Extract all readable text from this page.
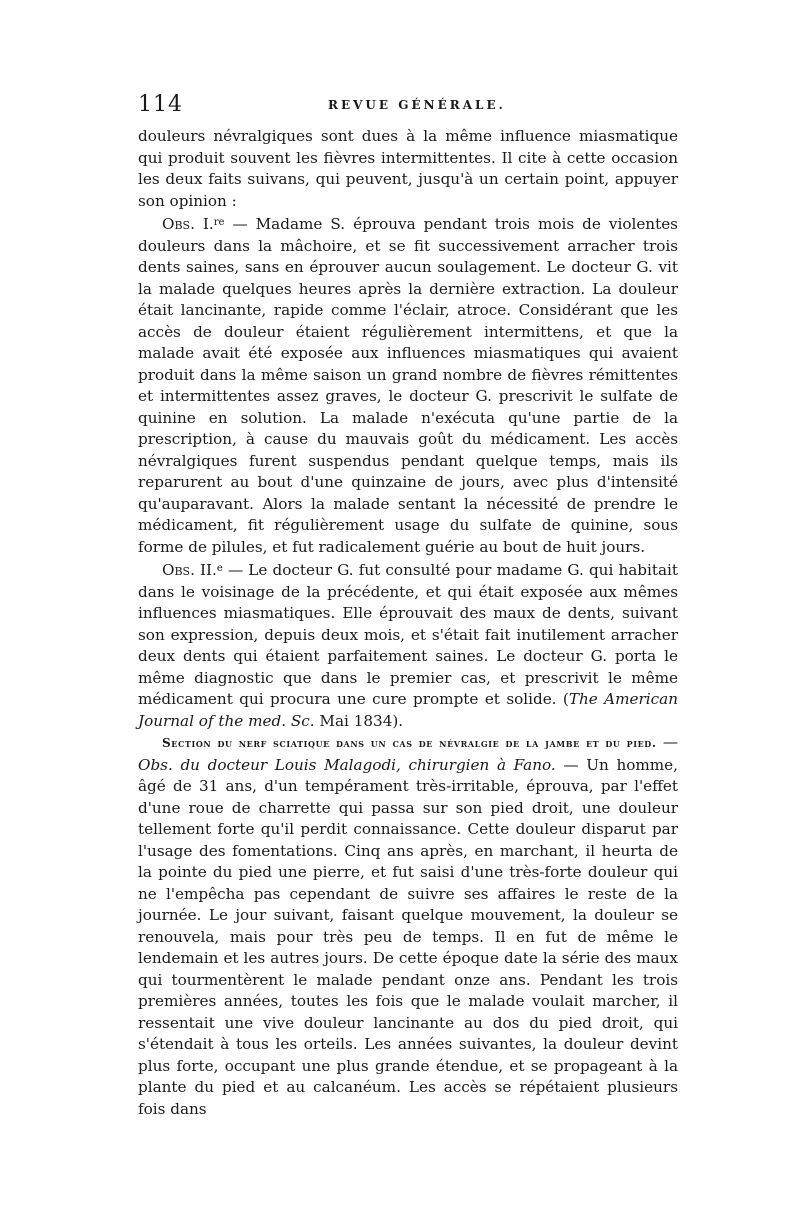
114	REVUE GÉNÉRALE.

douleurs névralgiques sont dues à la même influence miasmatique qui produit souvent les fièvres intermittentes. Il cite à cette occasion les deux faits suivans, qui peuvent, jusqu'à un certain point, appuyer son opinion :

Obs. I.$^{re}$ — Madame S. éprouva pendant trois mois de violentes douleurs dans la mâchoire, et se fit successivement arracher trois dents saines, sans en éprouver aucun soulagement. Le docteur G. vit la malade quelques heures après la dernière extraction. La douleur était lancinante, rapide comme l'éclair, atroce. Considérant que les accès de douleur étaient régulièrement intermittens, et que la malade avait été exposée aux influences miasmatiques qui avaient produit dans la même saison un grand nombre de fièvres rémittentes et intermittentes assez graves, le docteur G. prescrivit le sulfate de quinine en solution. La malade n'exécuta qu'une partie de la prescription, à cause du mauvais goût du médicament. Les accès névralgiques furent suspendus pendant quelque temps, mais ils reparurent au bout d'une quinzaine de jours, avec plus d'intensité qu'auparavant. Alors la malade sentant la nécessité de prendre le médicament, fit régulièrement usage du sulfate de quinine, sous forme de pilules, et fut radicalement guérie au bout de huit jours.

Obs. II.$^e$ — Le docteur G. fut consulté pour madame G. qui habitait dans le voisinage de la précédente, et qui était exposée aux mêmes influences miasmatiques. Elle éprouvait des maux de dents, suivant son expression, depuis deux mois, et s'était fait inutilement arracher deux dents qui étaient parfaitement saines. Le docteur G. porta le même diagnostic que dans le premier cas, et prescrivit le même médicament qui procura une cure prompte et solide. (The American Journal of the med. Sc. Mai 1834).

Section du nerf sciatique dans un cas de névralgie de la jambe et du pied. — Obs. du docteur Louis Malagodi, chirurgien à Fano. — Un homme, âgé de 31 ans, d'un tempérament très-irritable, éprouva, par l'effet d'une roue de charrette qui passa sur son pied droit, une douleur tellement forte qu'il perdit connaissance. Cette douleur disparut par l'usage des fomentations. Cinq ans après, en marchant, il heurta de la pointe du pied une pierre, et fut saisi d'une très-forte douleur qui ne l'empêcha pas cependant de suivre ses affaires le reste de la journée. Le jour suivant, faisant quelque mouvement, la douleur se renouvela, mais pour très peu de temps. Il en fut de même le lendemain et les autres jours. De cette époque date la série des maux qui tourmentèrent le malade pendant onze ans. Pendant les trois premières années, toutes les fois que le malade voulait marcher, il ressentait une vive douleur lancinante au dos du pied droit, qui s'étendait à tous les orteils. Les années suivantes, la douleur devint plus forte, occupant une plus grande étendue, et se propageant à la plante du pied et au calcanéum. Les accès se répétaient plusieurs fois dans
